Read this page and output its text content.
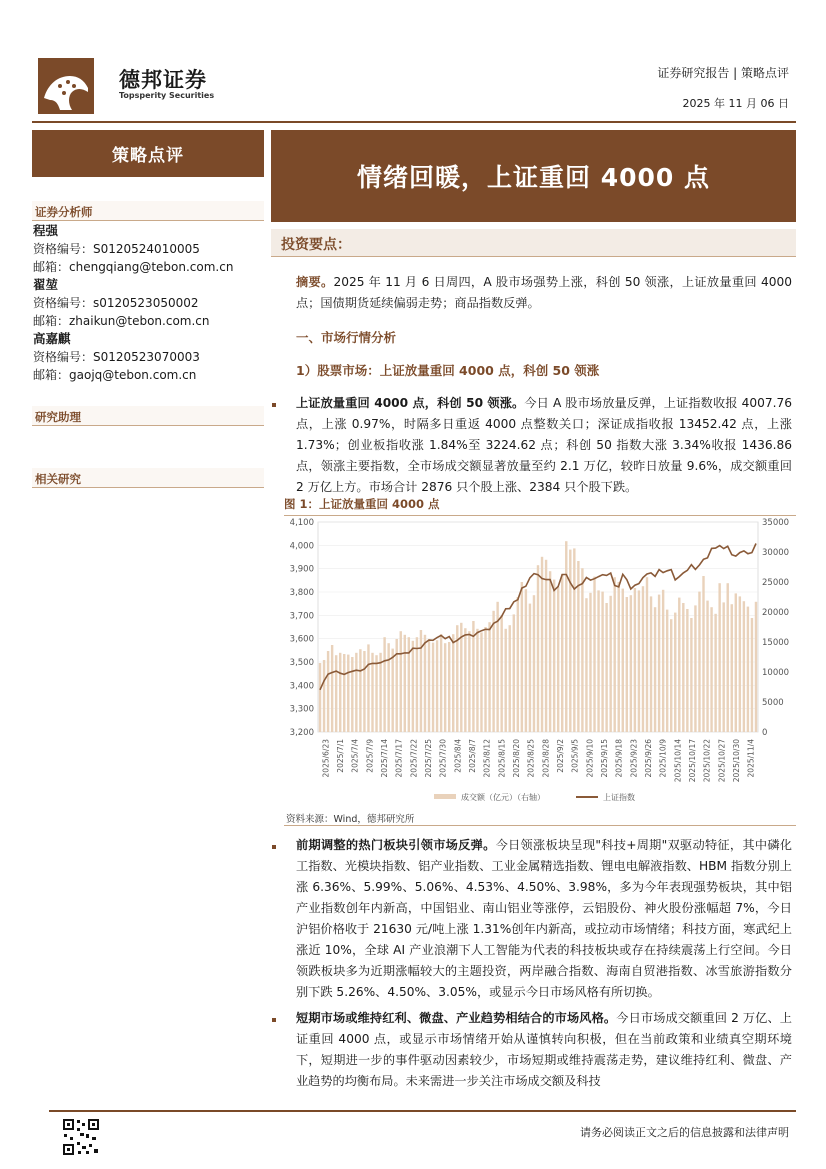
德邦证券
Topsperity Securities
证券研究报告 | 策略点评
2025 年 11 月 06 日
策略点评
证券分析师
程强
资格编号：S0120524010005
邮箱：chengqiang@tebon.com.cn
翟堃
资格编号：s0120523050002
邮箱：zhaikun@tebon.com.cn
高嘉麒
资格编号：S0120523070003
邮箱：gaojq@tebon.com.cn
研究助理
相关研究
情绪回暖，上证重回 4000 点
投资要点：
摘要。2025 年 11 月 6 日周四，A 股市场强势上涨，科创 50 领涨，上证放量重回 4000 点；国债期货延续偏弱走势；商品指数反弹。
一、市场行情分析
1）股票市场：上证放量重回 4000 点，科创 50 领涨
上证放量重回 4000 点，科创 50 领涨。今日 A 股市场放量反弹，上证指数收报 4007.76 点，上涨 0.97%，时隔多日重返 4000 点整数关口；深证成指收报 13452.42 点，上涨 1.73%；创业板指收涨 1.84%至 3224.62 点；科创 50 指数大涨 3.34%收报 1436.86 点，领涨主要指数，全市场成交额显著放量至约 2.1 万亿，较昨日放量 9.6%，成交额重回 2 万亿上方。市场合计 2876 只个股上涨、2384 只个股下跌。
图 1：上证放量重回 4000 点
4,100
4,000
3,900
3,800
3,700
3,600
3,500
3,400
3,300
3,200
35000
30000
25000
20000
15000
10000
5000
0
2025/6/23 2025/7/1 2025/7/4 2025/7/9 2025/7/14 2025/7/17 2025/7/22 2025/7/25 2025/7/30 2025/8/4 2025/8/7 2025/8/12 2025/8/15 2025/8/20 2025/8/25 2025/8/28 2025/9/2 2025/9/5 2025/9/10 2025/9/15 2025/9/18 2025/9/23 2025/9/26 2025/10/9 2025/10/14 2025/10/17 2025/10/22 2025/10/27 2025/10/30 2025/11/4
成交额（亿元）（右轴）	上证指数
资料来源：Wind，德邦研究所
前期调整的热门板块引领市场反弹。今日领涨板块呈现"科技+周期"双驱动特征，其中磷化工指数、光模块指数、铝产业指数、工业金属精选指数、锂电电解液指数、HBM 指数分别上涨 6.36%、5.99%、5.06%、4.53%、4.50%、3.98%，多为今年表现强势板块，其中铝产业指数创年内新高，中国铝业、南山铝业等涨停，云铝股份、神火股份涨幅超 7%，今日沪铝价格收于 21630 元/吨上涨 1.31%创年内新高，或拉动市场情绪；科技方面，寒武纪上涨近 10%，全球 AI 产业浪潮下人工智能为代表的科技板块或存在持续震荡上行空间。今日领跌板块多为近期涨幅较大的主题投资，两岸融合指数、海南自贸港指数、冰雪旅游指数分别下跌 5.26%、4.50%、3.05%，或显示今日市场风格有所切换。
短期市场或维持红利、微盘、产业趋势相结合的市场风格。今日市场成交额重回 2 万亿、上证重回 4000 点，或显示市场情绪开始从谨慎转向积极，但在当前政策和业绩真空期环境下，短期进一步的事件驱动因素较少，市场短期或维持震荡走势，建议维持红利、微盘、产业趋势的均衡布局。未来需进一步关注市场成交额及科技
请务必阅读正文之后的信息披露和法律声明
